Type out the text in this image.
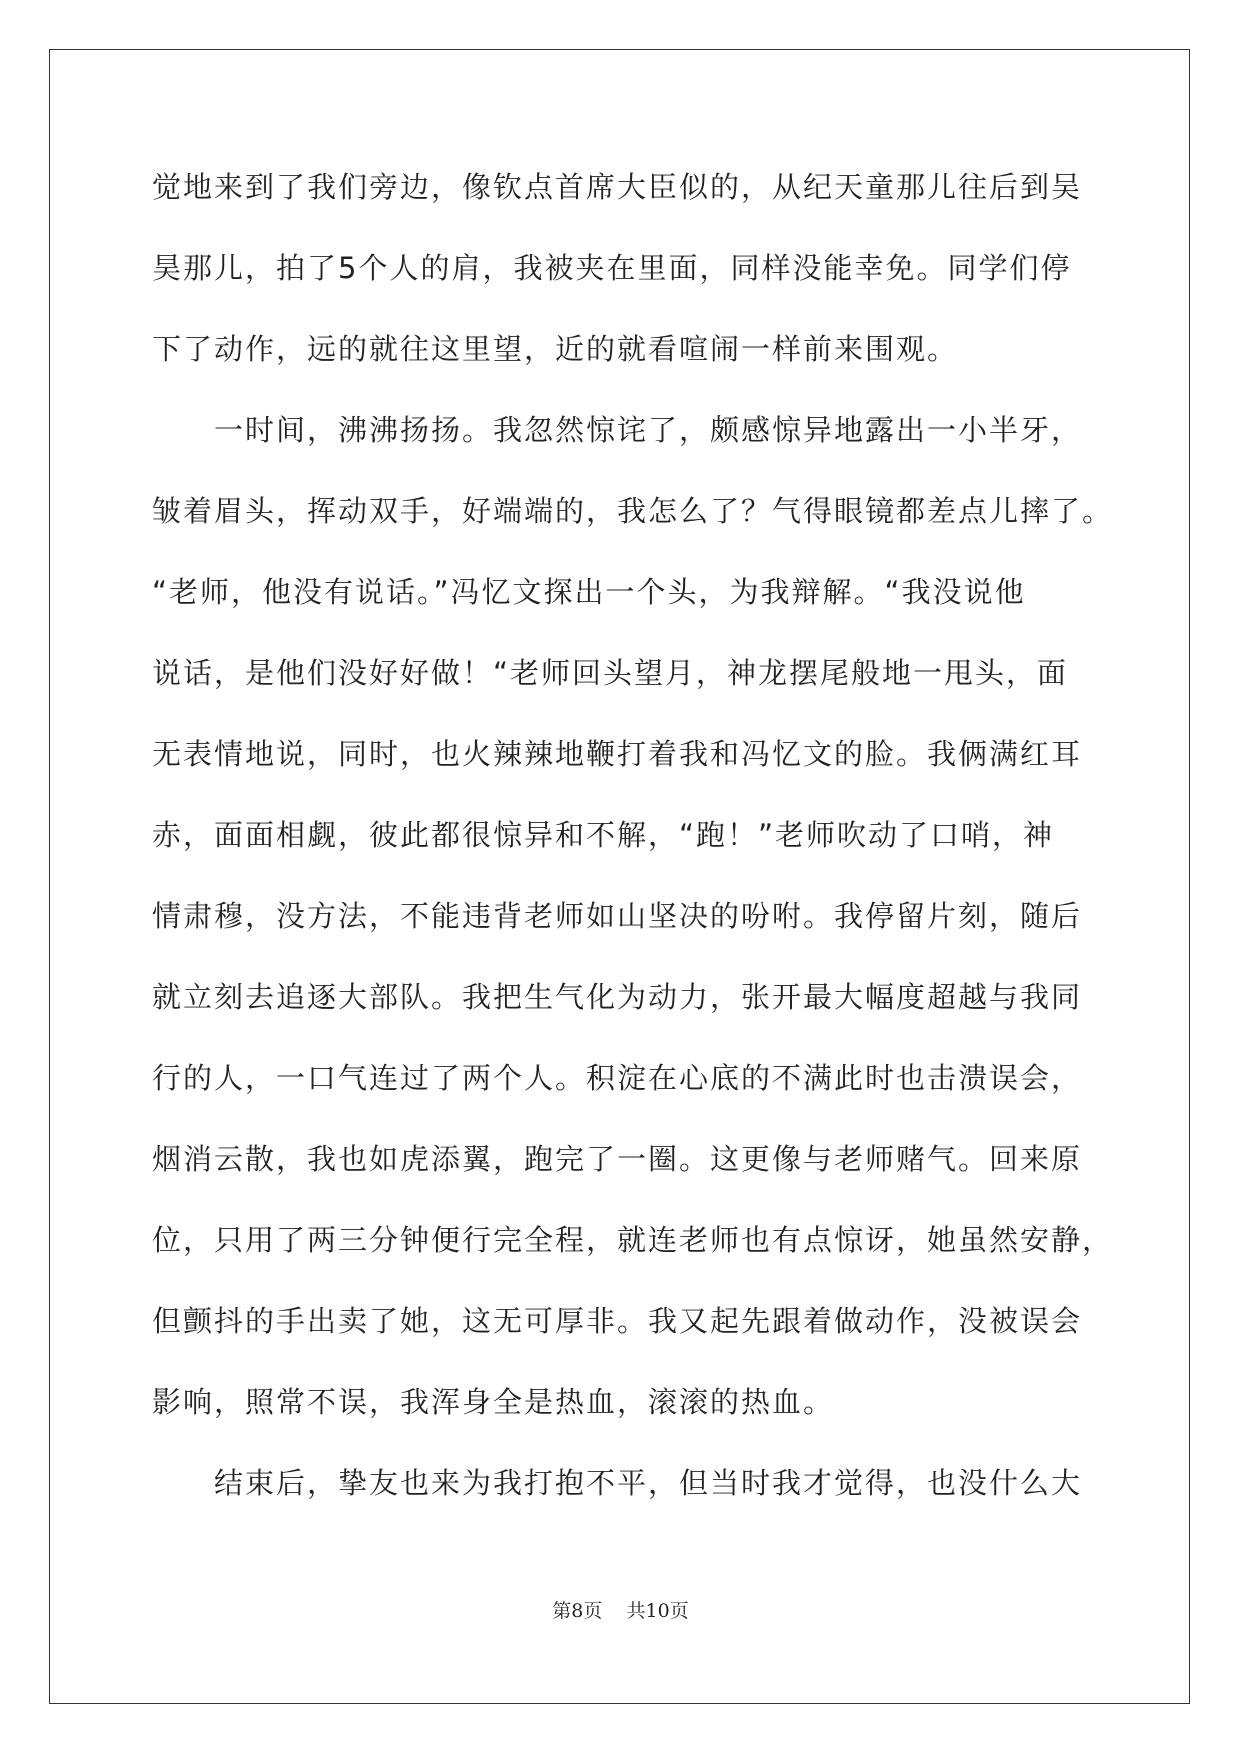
觉地来到了我们旁边，像钦点首席大臣似的，从纪天童那儿往后到吴
昊那儿，拍了5个人的肩，我被夹在里面，同样没能幸免。同学们停
下了动作，远的就往这里望，近的就看喧闹一样前来围观。
一时间，沸沸扬扬。我忽然惊诧了，颇感惊异地露出一小半牙，
皱着眉头，挥动双手，好端端的，我怎么了？气得眼镜都差点儿摔了。
“老师，他没有说话。”冯忆文探出一个头，为我辩解。“我没说他
说话，是他们没好好做！“老师回头望月，神龙摆尾般地一甩头，面
无表情地说，同时，也火辣辣地鞭打着我和冯忆文的脸。我俩满红耳
赤，面面相觑，彼此都很惊异和不解，“跑！”老师吹动了口哨，神
情肃穆，没方法，不能违背老师如山坚决的吩咐。我停留片刻，随后
就立刻去追逐大部队。我把生气化为动力，张开最大幅度超越与我同
行的人，一口气连过了两个人。积淀在心底的不满此时也击溃误会，
烟消云散，我也如虎添翼，跑完了一圈。这更像与老师赌气。回来原
位，只用了两三分钟便行完全程，就连老师也有点惊讶，她虽然安静，
但颤抖的手出卖了她，这无可厚非。我又起先跟着做动作，没被误会
影响，照常不误，我浑身全是热血，滚滚的热血。
结束后，挚友也来为我打抱不平，但当时我才觉得，也没什么大
第8页    共10页
